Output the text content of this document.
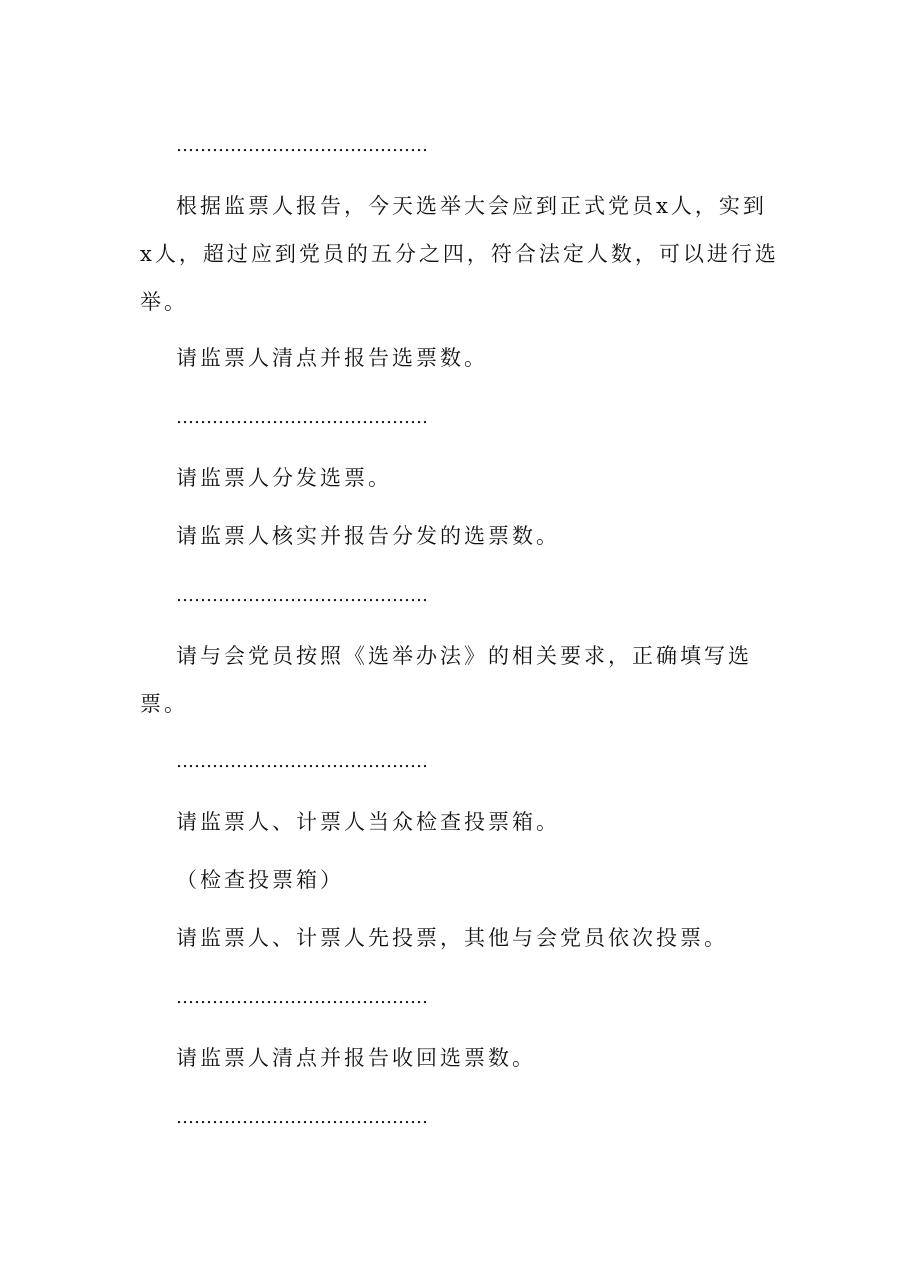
……………………………………

根据监票人报告，今天选举大会应到正式党员x人，实到x人，超过应到党员的五分之四，符合法定人数，可以进行选举。

请监票人清点并报告选票数。

……………………………………

请监票人分发选票。

请监票人核实并报告分发的选票数。

……………………………………

请与会党员按照《选举办法》的相关要求，正确填写选票。

……………………………………

请监票人、计票人当众检查投票箱。

（检查投票箱）

请监票人、计票人先投票，其他与会党员依次投票。

……………………………………

请监票人清点并报告收回选票数。

……………………………………
